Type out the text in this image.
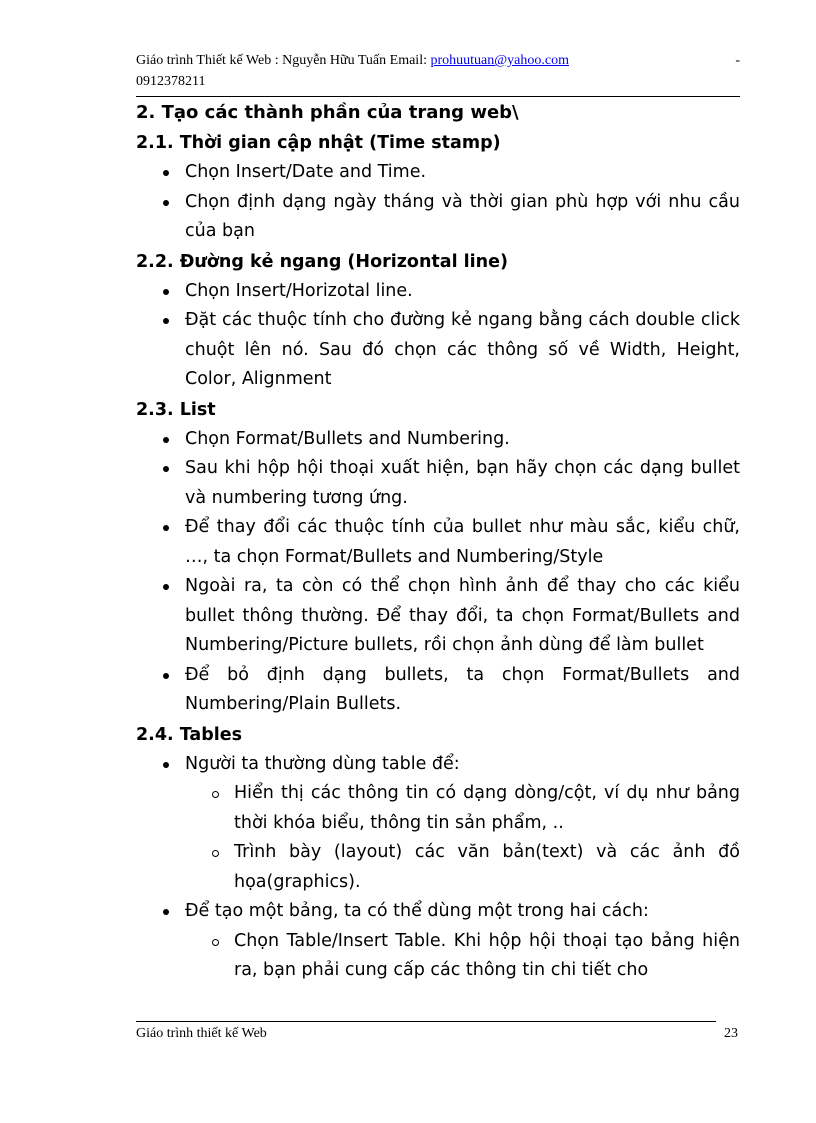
Giáo trình Thiết kế Web : Nguyễn Hữu Tuấn Email: prohuutuan@yahoo.com	-
0912378211
2. Tạo các thành phần của trang web\
2.1. Thời gian cập nhật (Time stamp)
Chọn Insert/Date and Time.
Chọn định dạng ngày tháng và thời gian phù hợp với nhu cầu của bạn
2.2. Đường kẻ ngang (Horizontal line)
Chọn Insert/Horizotal line.
Đặt các thuộc tính cho đường kẻ ngang bằng cách double click chuột lên nó. Sau đó chọn các thông số về Width, Height, Color, Alignment
2.3. List
Chọn Format/Bullets and Numbering.
Sau khi hộp hội thoại xuất hiện, bạn hãy chọn các dạng bullet và numbering tương ứng.
Để thay đổi các thuộc tính của bullet như màu sắc, kiểu chữ, …, ta chọn Format/Bullets and Numbering/Style
Ngoài ra, ta còn có thể chọn hình ảnh để thay cho các kiểu bullet thông thường. Để thay đổi, ta chọn Format/Bullets and Numbering/Picture bullets, rồi chọn ảnh dùng để làm bullet
Để bỏ định dạng bullets, ta chọn Format/Bullets and Numbering/Plain Bullets.
2.4. Tables
Người ta thường dùng table để:
Hiển thị các thông tin có dạng dòng/cột, ví dụ như bảng thời khóa biểu, thông tin sản phẩm, ..
Trình bày (layout) các văn bản(text) và các ảnh đồ họa(graphics).
Để tạo một bảng, ta có thể dùng một trong hai cách:
Chọn Table/Insert Table. Khi hộp hội thoại tạo bảng hiện ra, bạn phải cung cấp các thông tin chi tiết cho
Giáo trình thiết kế Web	23
